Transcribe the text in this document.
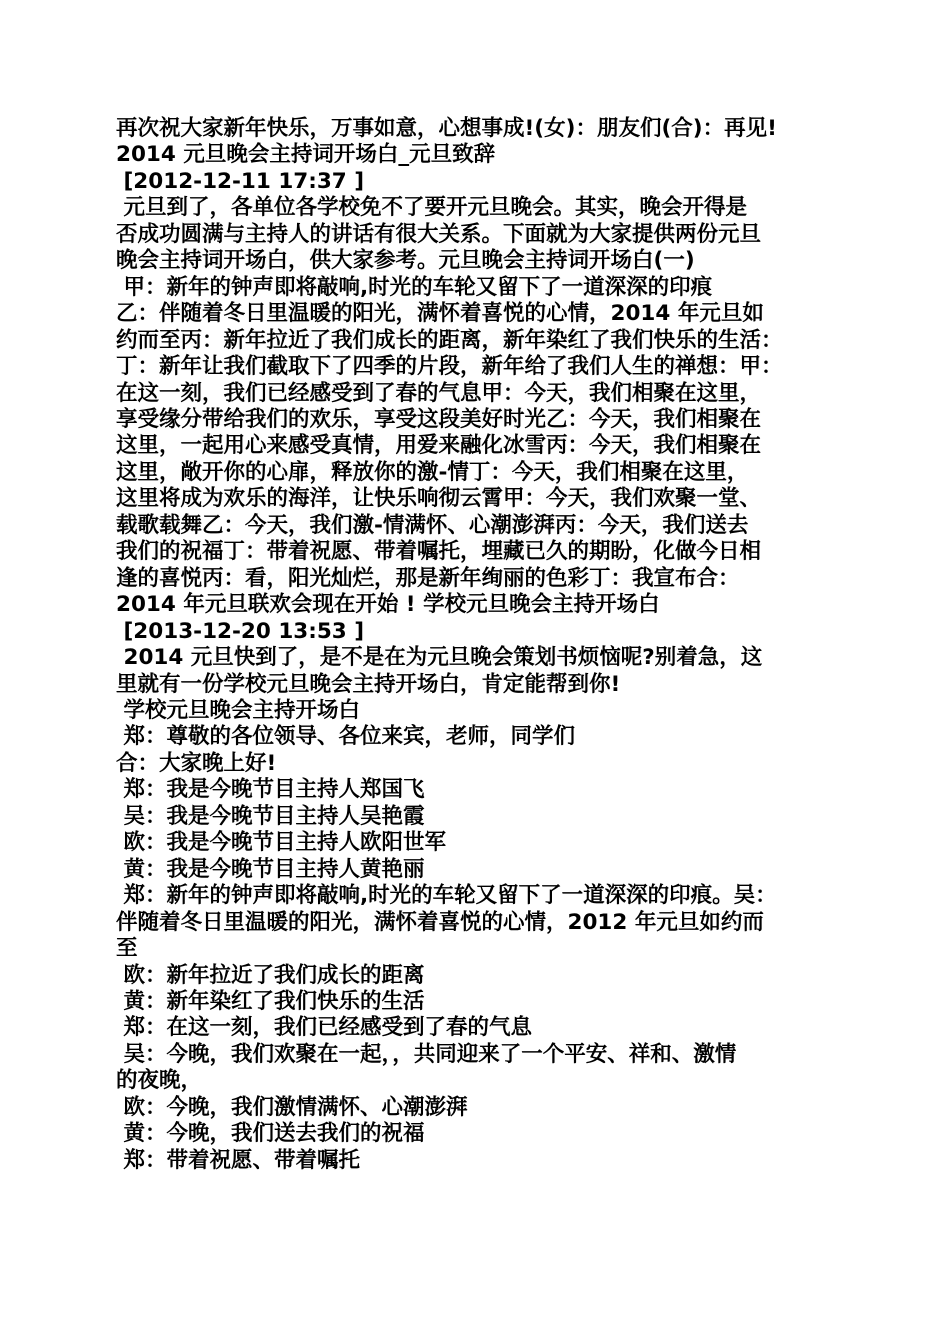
再次祝大家新年快乐，万事如意，心想事成!(女)：朋友们(合)：再见!
2014 元旦晚会主持词开场白_元旦致辞
[2012-12-11 17:37 ]
元旦到了，各单位各学校免不了要开元旦晚会。其实，晚会开得是
否成功圆满与主持人的讲话有很大关系。下面就为大家提供两份元旦
晚会主持词开场白，供大家参考。元旦晚会主持词开场白(一)
甲：新年的钟声即将敲响,时光的车轮又留下了一道深深的印痕
乙：伴随着冬日里温暖的阳光，满怀着喜悦的心情，2014 年元旦如
约而至丙：新年拉近了我们成长的距离，新年染红了我们快乐的生活：
丁：新年让我们截取下了四季的片段，新年给了我们人生的禅想：甲：
在这一刻，我们已经感受到了春的气息甲：今天，我们相聚在这里，
享受缘分带给我们的欢乐，享受这段美好时光乙：今天，我们相聚在
这里，一起用心来感受真情，用爱来融化冰雪丙：今天，我们相聚在
这里，敞开你的心扉，释放你的激-情丁：今天，我们相聚在这里，
这里将成为欢乐的海洋，让快乐响彻云霄甲：今天，我们欢聚一堂、
载歌载舞乙：今天，我们激-情满怀、心潮澎湃丙：今天，我们送去
我们的祝福丁：带着祝愿、带着嘱托，埋藏已久的期盼，化做今日相
逢的喜悦丙：看，阳光灿烂，那是新年绚丽的色彩丁：我宣布合：
2014 年元旦联欢会现在开始 ! 学校元旦晚会主持开场白
[2013-12-20 13:53 ]
2014 元旦快到了，是不是在为元旦晚会策划书烦恼呢?别着急，这
里就有一份学校元旦晚会主持开场白，肯定能帮到你!
学校元旦晚会主持开场白
郑：尊敬的各位领导、各位来宾，老师，同学们
合：大家晚上好!
郑：我是今晚节目主持人郑国飞
吴：我是今晚节目主持人吴艳霞
欧：我是今晚节目主持人欧阳世军
黄：我是今晚节目主持人黄艳丽
郑：新年的钟声即将敲响,时光的车轮又留下了一道深深的印痕。吴：
伴随着冬日里温暖的阳光，满怀着喜悦的心情，2012 年元旦如约而
至
欧：新年拉近了我们成长的距离
黄：新年染红了我们快乐的生活
郑：在这一刻，我们已经感受到了春的气息
吴：今晚，我们欢聚在一起，，共同迎来了一个平安、祥和、激情
的夜晚，
欧：今晚，我们激情满怀、心潮澎湃
黄：今晚，我们送去我们的祝福
郑：带着祝愿、带着嘱托
